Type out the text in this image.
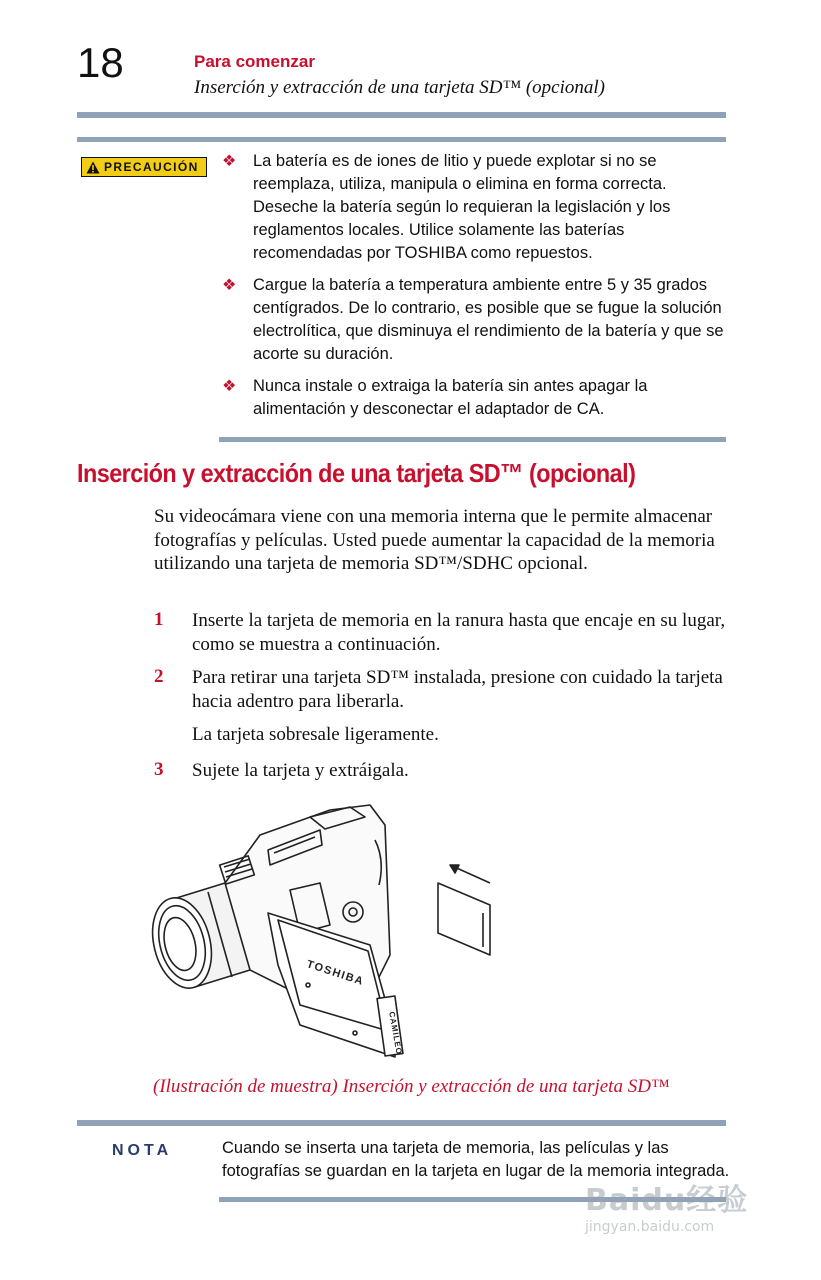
18	Para comenzar
Inserción y extracción de una tarjeta SD™ (opcional)
PRECAUCIÓN ❖ La batería es de iones de litio y puede explotar si no se reemplaza, utiliza, manipula o elimina en forma correcta. Deseche la batería según lo requieran la legislación y los reglamentos locales. Utilice solamente las baterías recomendadas por TOSHIBA como repuestos.
❖ Cargue la batería a temperatura ambiente entre 5 y 35 grados centígrados. De lo contrario, es posible que se fugue la solución electrolítica, que disminuya el rendimiento de la batería y que se acorte su duración.
❖ Nunca instale o extraiga la batería sin antes apagar la alimentación y desconectar el adaptador de CA.
Inserción y extracción de una tarjeta SD™ (opcional)

Su videocámara viene con una memoria interna que le permite almacenar fotografías y películas. Usted puede aumentar la capacidad de la memoria utilizando una tarjeta de memoria SD™/SDHC opcional.

1 Inserte la tarjeta de memoria en la ranura hasta que encaje en su lugar, como se muestra a continuación.
2 Para retirar una tarjeta SD™ instalada, presione con cuidado la tarjeta hacia adentro para liberarla.
La tarjeta sobresale ligeramente.
3 Sujete la tarjeta y extráigala.
TOSHIBA
CAMILEO
(Ilustración de muestra) Inserción y extracción de una tarjeta SD™
NOTA	Cuando se inserta una tarjeta de memoria, las películas y las fotografías se guardan en la tarjeta en lugar de la memoria integrada.
Baidu经验
jingyan.baidu.com
